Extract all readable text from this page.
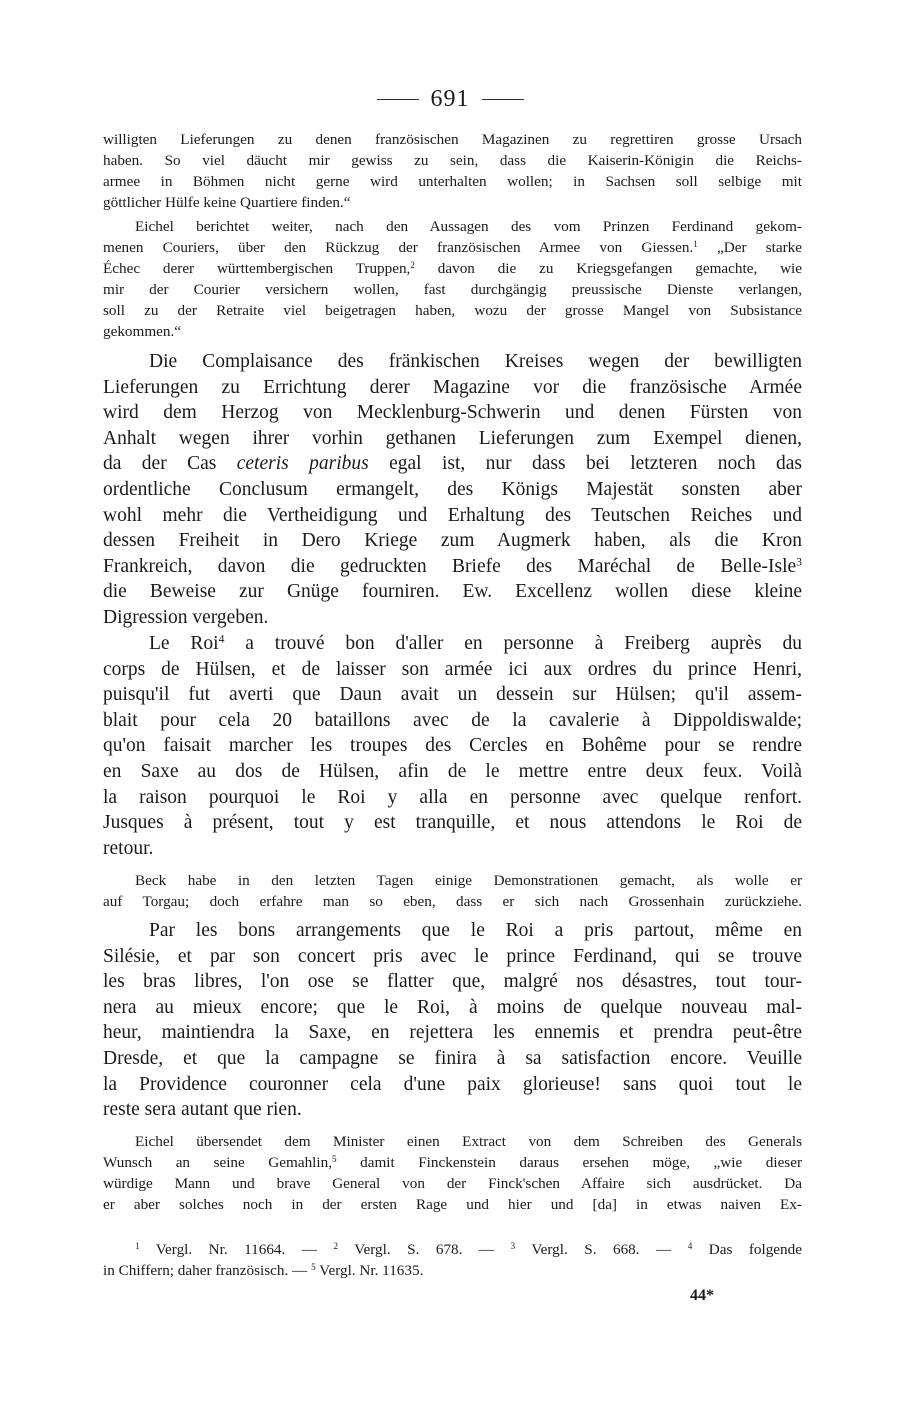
691
willigten Lieferungen zu denen französischen Magazinen zu regrettiren grosse Ursach
haben. So viel däucht mir gewiss zu sein, dass die Kaiserin-Königin die Reichs-
armee in Böhmen nicht gerne wird unterhalten wollen; in Sachsen soll selbige mit
göttlicher Hülfe keine Quartiere finden.“
Eichel berichtet weiter, nach den Aussagen des vom Prinzen Ferdinand gekom-
menen Couriers, über den Rückzug der französischen Armee von Giessen.$^1$ „Der starke
Échec derer württembergischen Truppen,$^2$ davon die zu Kriegsgefangen gemachte, wie
mir der Courier versichern wollen, fast durchgängig preussische Dienste verlangen,
soll zu der Retraite viel beigetragen haben, wozu der grosse Mangel von Subsistance
gekommen.“
Die Complaisance des fränkischen Kreises wegen der bewilligten
Lieferungen zu Errichtung derer Magazine vor die französische Armée
wird dem Herzog von Mecklenburg-Schwerin und denen Fürsten von
Anhalt wegen ihrer vorhin gethanen Lieferungen zum Exempel dienen,
da der Cas ceteris paribus egal ist, nur dass bei letzteren noch das
ordentliche Conclusum ermangelt, des Königs Majestät sonsten aber
wohl mehr die Vertheidigung und Erhaltung des Teutschen Reiches und
dessen Freiheit in Dero Kriege zum Augmerk haben, als die Kron
Frankreich, davon die gedruckten Briefe des Maréchal de Belle-Isle$^3$
die Beweise zur Gnüge fourniren. Ew. Excellenz wollen diese kleine
Digression vergeben.
Le Roi$^4$ a trouvé bon d'aller en personne à Freiberg auprès du
corps de Hülsen, et de laisser son armée ici aux ordres du prince Henri,
puisqu'il fut averti que Daun avait un dessein sur Hülsen; qu'il assem-
blait pour cela 20 bataillons avec de la cavalerie à Dippoldiswalde;
qu'on faisait marcher les troupes des Cercles en Bohême pour se rendre
en Saxe au dos de Hülsen, afin de le mettre entre deux feux. Voilà
la raison pourquoi le Roi y alla en personne avec quelque renfort.
Jusques à présent, tout y est tranquille, et nous attendons le Roi de
retour.
Beck habe in den letzten Tagen einige Demonstrationen gemacht, als wolle er
auf Torgau; doch erfahre man so eben, dass er sich nach Grossenhain zurückziehe.
Par les bons arrangements que le Roi a pris partout, même en
Silésie, et par son concert pris avec le prince Ferdinand, qui se trouve
les bras libres, l'on ose se flatter que, malgré nos désastres, tout tour-
nera au mieux encore; que le Roi, à moins de quelque nouveau mal-
heur, maintiendra la Saxe, en rejettera les ennemis et prendra peut-être
Dresde, et que la campagne se finira à sa satisfaction encore. Veuille
la Providence couronner cela d'une paix glorieuse! sans quoi tout le
reste sera autant que rien.
Eichel übersendet dem Minister einen Extract von dem Schreiben des Generals
Wunsch an seine Gemahlin,$^5$ damit Finckenstein daraus ersehen möge, „wie dieser
würdige Mann und brave General von der Finck'schen Affaire sich ausdrücket. Da
er aber solches noch in der ersten Rage und hier und [da] in etwas naiven Ex-
$^1$ Vergl. Nr. 11664. — $^2$ Vergl. S. 678. — $^3$ Vergl. S. 668. — $^4$ Das folgende
in Chiffern; daher französisch. — $^5$ Vergl. Nr. 11635.
44*
